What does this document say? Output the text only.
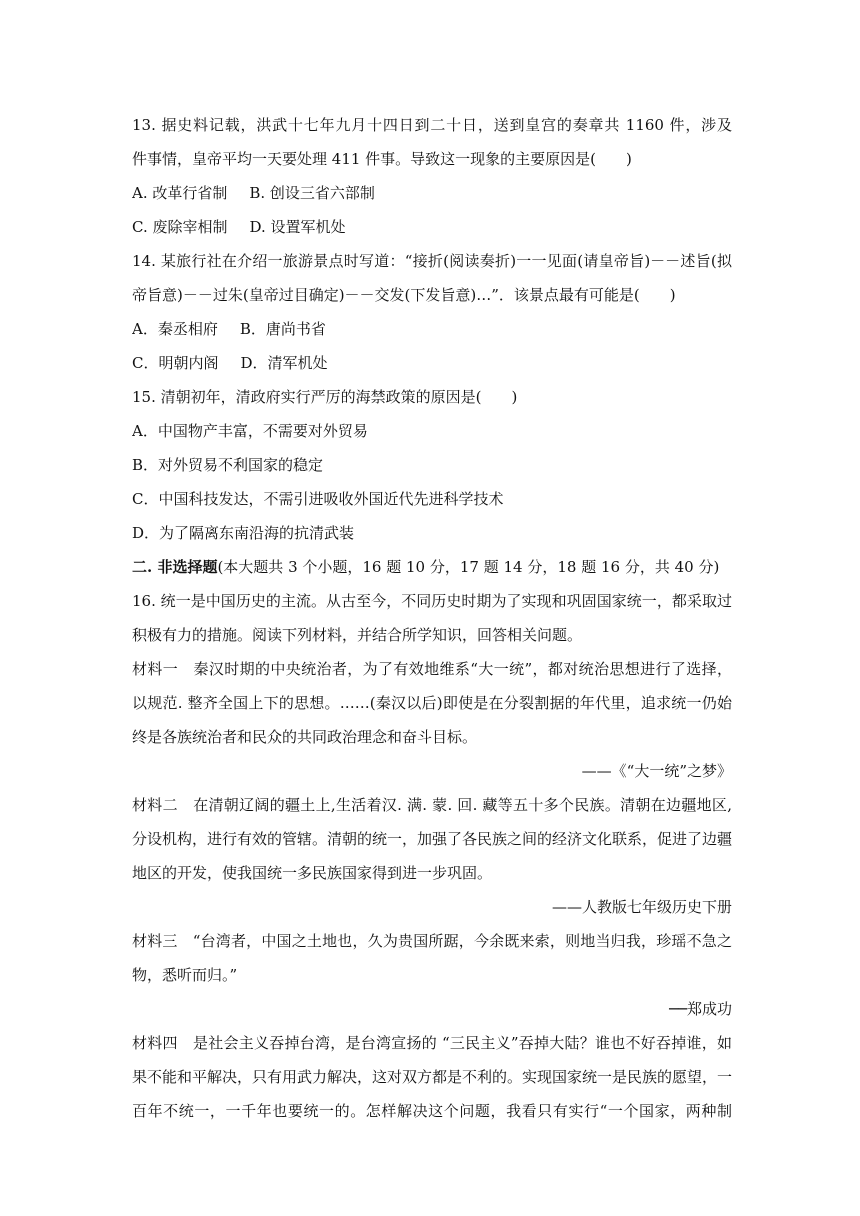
13. 据史料记载，洪武十七年九月十四日到二十日，送到皇宫的奏章共 1160 件，涉及
件事情，皇帝平均一天要处理 411 件事。导致这一现象的主要原因是(　　)
A. 改革行省制 B. 创设三省六部制
C. 废除宰相制 D. 设置军机处
14. 某旅行社在介绍一旅游景点时写道：“接折(阅读奏折)一一见面(请皇帝旨)－－述旨(拟
帝旨意)－－过朱(皇帝过目确定)－－交发(下发旨意)…”．该景点最有可能是(　　)
A．秦丞相府 B．唐尚书省
C．明朝内阁 D．清军机处
15. 清朝初年，清政府实行严厉的海禁政策的原因是(　　)
A．中国物产丰富，不需要对外贸易
B．对外贸易不利国家的稳定
C．中国科技发达，不需引进吸收外国近代先进科学技术
D．为了隔离东南沿海的抗清武装
二. 非选择题(本大题共 3 个小题，16 题 10 分，17 题 14 分，18 题 16 分，共 40 分)
16. 统一是中国历史的主流。从古至今，不同历史时期为了实现和巩固国家统一，都采取过
积极有力的措施。阅读下列材料，并结合所学知识，回答相关问题。
材料一　秦汉时期的中央统治者，为了有效地维系“大一统”，都对统治思想进行了选择，
以规范. 整齐全国上下的思想。……(秦汉以后)即使是在分裂割据的年代里，追求统一仍始
终是各族统治者和民众的共同政治理念和奋斗目标。
——《“大一统”之梦》
材料二　在清朝辽阔的疆土上,生活着汉. 满. 蒙. 回. 藏等五十多个民族。清朝在边疆地区,
分设机构，进行有效的管辖。清朝的统一，加强了各民族之间的经济文化联系，促进了边疆
地区的开发，使我国统一多民族国家得到进一步巩固。
——人教版七年级历史下册
材料三　“台湾者，中国之土地也，久为贵国所踞，今余既来索，则地当归我，珍瑶不急之
物，悉听而归。”
──郑成功
材料四　是社会主义吞掉台湾，是台湾宣扬的 “三民主义”吞掉大陆？谁也不好吞掉谁，如
果不能和平解决，只有用武力解决，这对双方都是不利的。实现国家统一是民族的愿望，一
百年不统一，一千年也要统一的。怎样解决这个问题，我看只有实行“一个国家，两种制
